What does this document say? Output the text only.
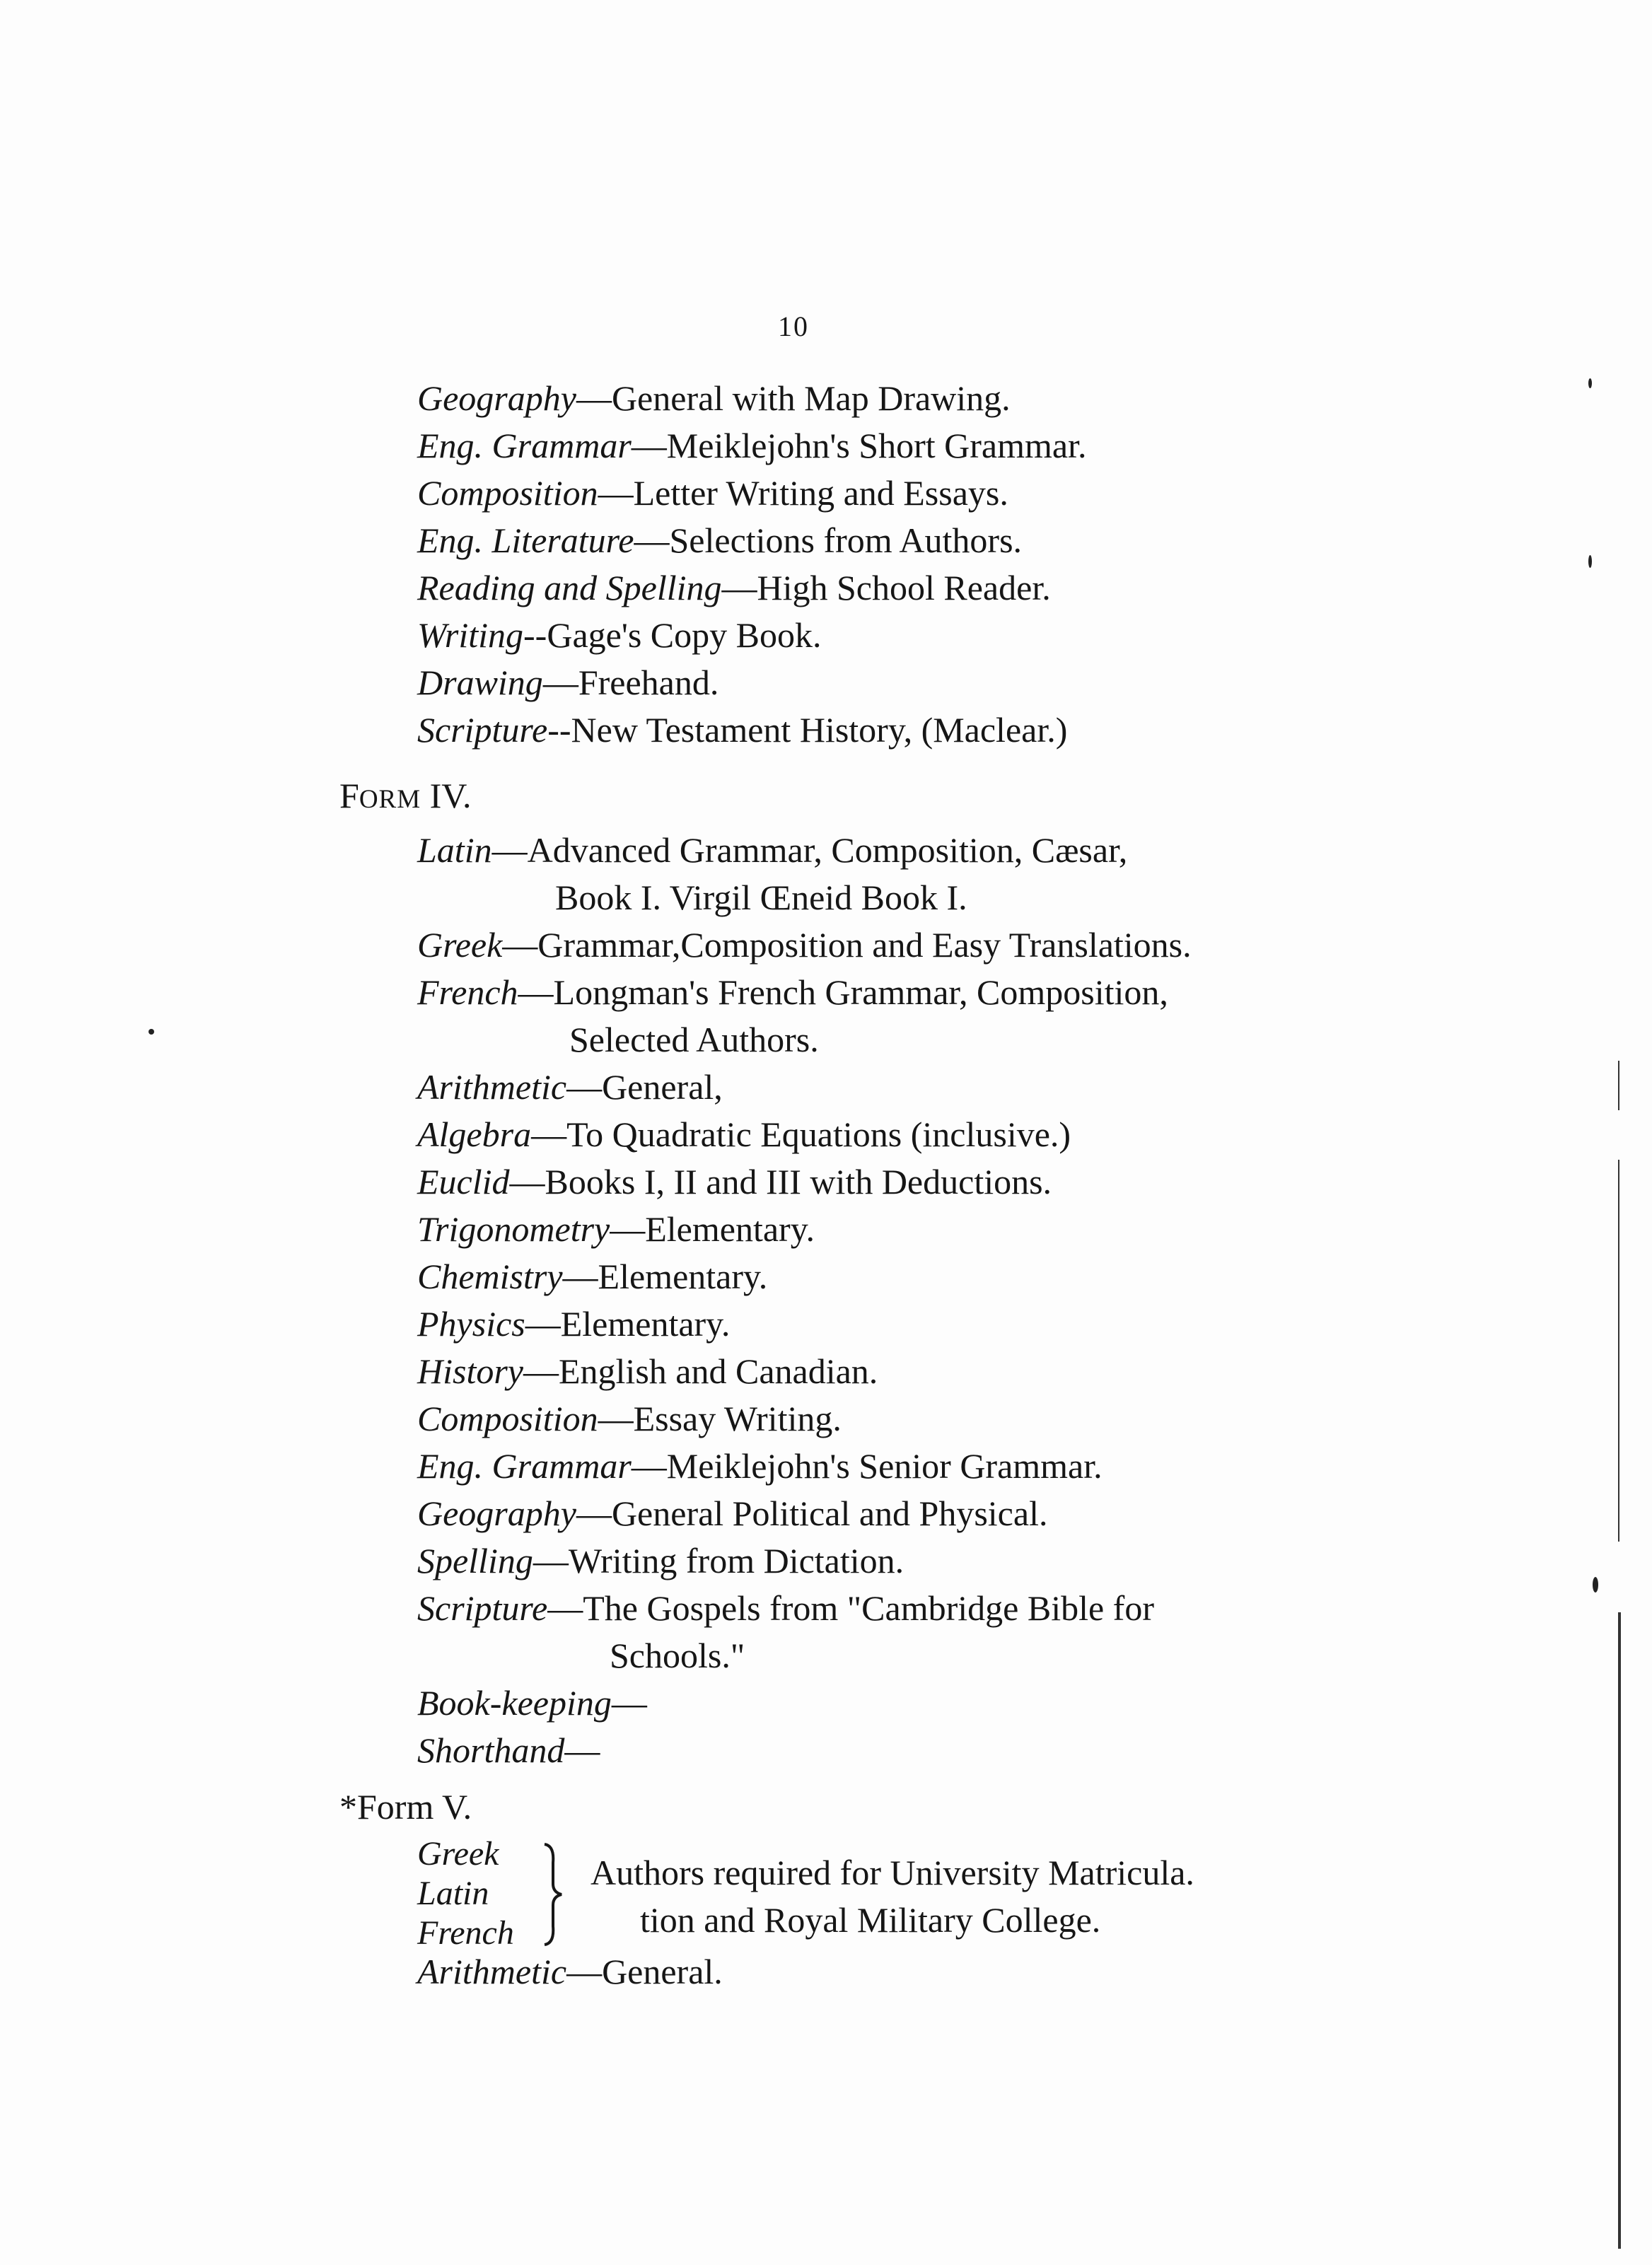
10
Geography—General with Map Drawing.
Eng. Grammar—Meiklejohn's Short Grammar.
Composition—Letter Writing and Essays.
Eng. Literature—Selections from Authors.
Reading and Spelling—High School Reader.
Writing--Gage's Copy Book.
Drawing—Freehand.
Scripture--New Testament History, (Maclear.)
FORM IV.
Latin—Advanced Grammar, Composition, Cæsar,
Book I. Virgil Œneid Book I.
Greek—Grammar,Composition and Easy Translations.
French—Longman's French Grammar, Composition,
Selected Authors.
Arithmetic—General,
Algebra—To Quadratic Equations (inclusive.)
Euclid—Books I, II and III with Deductions.
Trigonometry—Elementary.
Chemistry—Elementary.
Physics—Elementary.
History—English and Canadian.
Composition—Essay Writing.
Eng. Grammar—Meiklejohn's Senior Grammar.
Geography—General Political and Physical.
Spelling—Writing from Dictation.
Scripture—The Gospels from "Cambridge Bible for
Schools."
Book-keeping—
Shorthand—
*Form V.
Greek
Latin
French
Authors required for University Matricula.
tion and Royal Military College.
Arithmetic—General.
